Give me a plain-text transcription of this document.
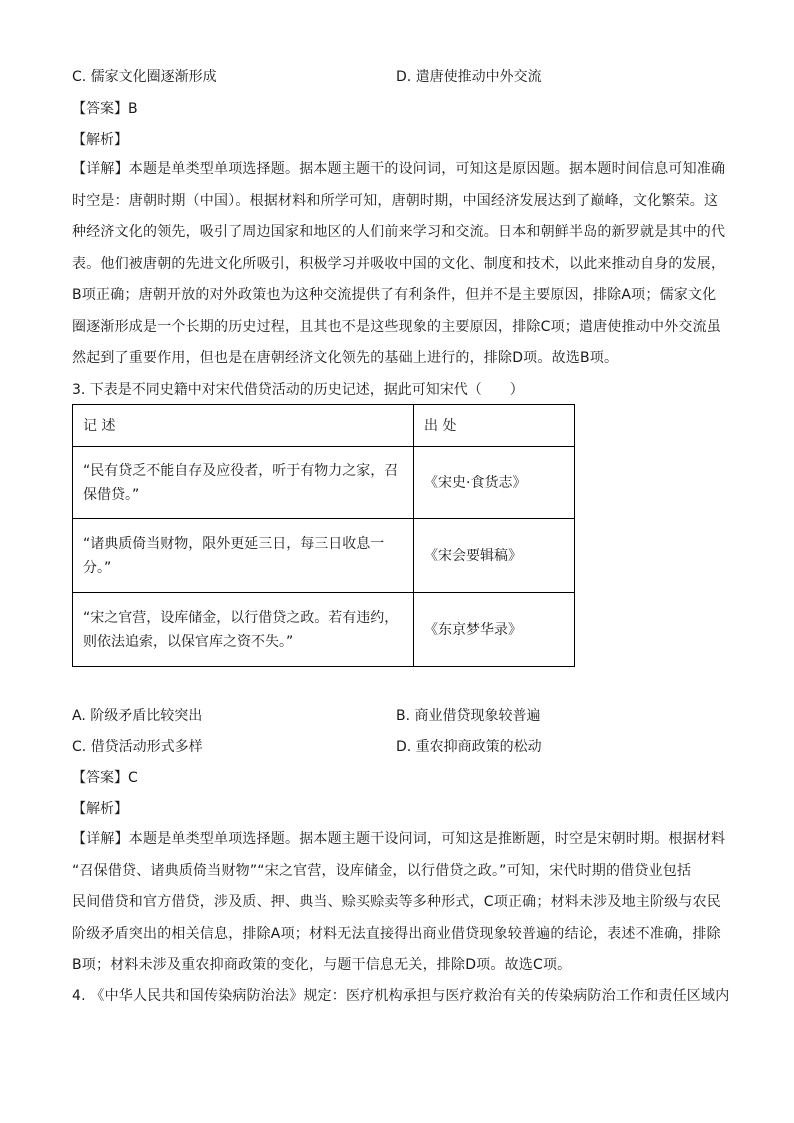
C. 儒家文化圈逐渐形成	D. 遣唐使推动中外交流
【答案】B
【解析】
【详解】本题是单类型单项选择题。据本题主题干的设问词，可知这是原因题。据本题时间信息可知准确
时空是：唐朝时期（中国）。根据材料和所学可知，唐朝时期，中国经济发展达到了巅峰，文化繁荣。这
种经济文化的领先，吸引了周边国家和地区的人们前来学习和交流。日本和朝鲜半岛的新罗就是其中的代
表。他们被唐朝的先进文化所吸引，积极学习并吸收中国的文化、制度和技术，以此来推动自身的发展，
B项正确；唐朝开放的对外政策也为这种交流提供了有利条件，但并不是主要原因，排除A项；儒家文化
圈逐渐形成是一个长期的历史过程，且其也不是这些现象的主要原因，排除C项；遣唐使推动中外交流虽
然起到了重要作用，但也是在唐朝经济文化领先的基础上进行的，排除D项。故选B项。
3. 下表是不同史籍中对宋代借贷活动的历史记述，据此可知宋代（　　）
记 述	出 处

“民有贷乏不能自存及应役者，听于有物力之家，召
保借贷。”	《宋史·食货志》

“诸典质倚当财物，限外更延三日，每三日收息一
分。”	《宋会要辑稿》

“宋之官营，设库储金，以行借贷之政。若有违约，
则依法追索，以保官库之资不失。”	《东京梦华录》
A. 阶级矛盾比较突出	B. 商业借贷现象较普遍
C. 借贷活动形式多样	D. 重农抑商政策的松动
【答案】C
【解析】
【详解】本题是单类型单项选择题。据本题主题干设问词，可知这是推断题，时空是宋朝时期。根据材料
“召保借贷、诸典质倚当财物”“宋之官营，设库储金，以行借贷之政。”可知，宋代时期的借贷业包括
民间借贷和官方借贷，涉及质、押、典当、赊买赊卖等多种形式，C项正确；材料未涉及地主阶级与农民
阶级矛盾突出的相关信息，排除A项；材料无法直接得出商业借贷现象较普遍的结论，表述不准确，排除
B项；材料未涉及重农抑商政策的变化，与题干信息无关，排除D项。故选C项。
4. 《中华人民共和国传染病防治法》规定：医疗机构承担与医疗救治有关的传染病防治工作和责任区域内
